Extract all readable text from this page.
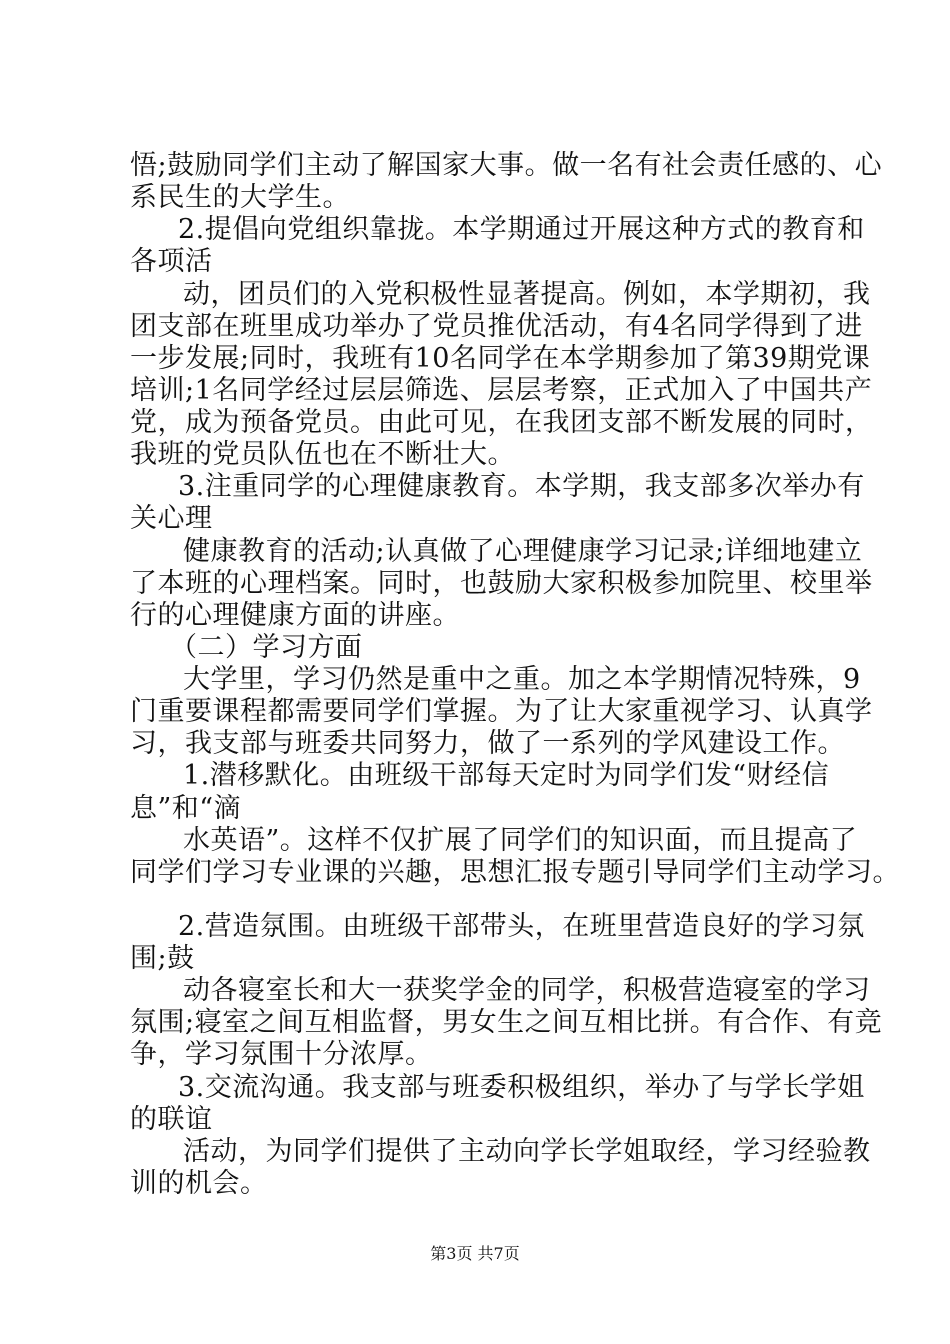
悟;鼓励同学们主动了解国家大事。做一名有社会责任感的、心
系民生的大学生。
2.提倡向党组织靠拢。本学期通过开展这种方式的教育和
各项活
动，团员们的入党积极性显著提高。例如，本学期初，我
团支部在班里成功举办了党员推优活动，有4名同学得到了进
一步发展;同时，我班有10名同学在本学期参加了第39期党课
培训;1名同学经过层层筛选、层层考察，正式加入了中国共产
党，成为预备党员。由此可见，在我团支部不断发展的同时，
我班的党员队伍也在不断壮大。
3.注重同学的心理健康教育。本学期，我支部多次举办有
关心理
健康教育的活动;认真做了心理健康学习记录;详细地建立
了本班的心理档案。同时，也鼓励大家积极参加院里、校里举
行的心理健康方面的讲座。
（二）学习方面
大学里，学习仍然是重中之重。加之本学期情况特殊，9
门重要课程都需要同学们掌握。为了让大家重视学习、认真学
习，我支部与班委共同努力，做了一系列的学风建设工作。
1.潜移默化。由班级干部每天定时为同学们发“财经信
息”和“滴
水英语”。这样不仅扩展了同学们的知识面，而且提高了
同学们学习专业课的兴趣，思想汇报专题引导同学们主动学习。
2.营造氛围。由班级干部带头，在班里营造良好的学习氛
围;鼓
动各寝室长和大一获奖学金的同学，积极营造寝室的学习
氛围;寝室之间互相监督，男女生之间互相比拼。有合作、有竞
争，学习氛围十分浓厚。
3.交流沟通。我支部与班委积极组织，举办了与学长学姐
的联谊
活动，为同学们提供了主动向学长学姐取经，学习经验教
训的机会。
第3页 共7页
